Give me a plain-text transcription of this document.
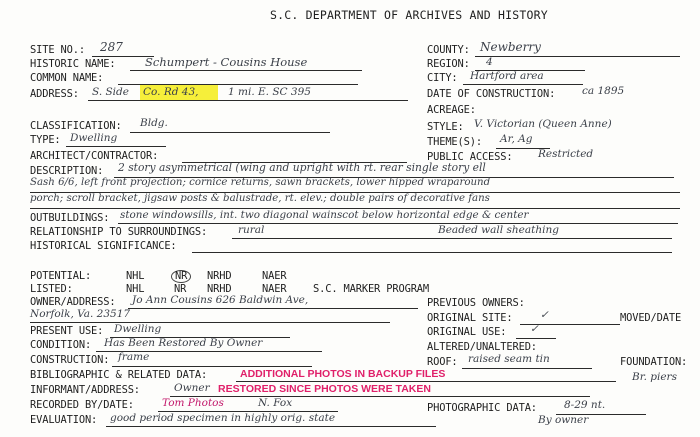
S.C. DEPARTMENT OF ARCHIVES AND HISTORY
SITE NO.: 287	COUNTY: Newberry
HISTORIC NAME:	Schumpert - Cousins House	REGION: 4
COMMON NAME:	CITY: Hartford area
ADDRESS: S. Side Co. Rd 43,	1 mi. E. SC 395	DATE OF CONSTRUCTION:	ca 1895
ACREAGE:
CLASSIFICATION: Bldg.	STYLE: V. Victorian (Queen Anne)
TYPE: Dwelling	THEME(S): Ar, Ag
ARCHITECT/CONTRACTOR:	PUBLIC ACCESS: Restricted
DESCRIPTION: 2 story asymmetrical (wing and upright with rt. rear single story ell
Sash 6/6, left front projection; cornice returns, sawn brackets, lower hipped wraparound
porch; scroll bracket, jigsaw posts & balustrade, rt. elev.; double pairs of decorative fans
OUTBUILDINGS: stone windowsills, int. two diagonal wainscot below horizontal edge & center
RELATIONSHIP TO SURROUNDINGS:	rural	Beaded wall sheathing
HISTORICAL SIGNIFICANCE:
POTENTIAL:	NHL	NR	NRHD	NAER
LISTED:	NHL	NR NRHD	NAER	S.C. MARKER PROGRAM
OWNER/ADDRESS: Jo Ann Cousins 626 Baldwin Ave,	PREVIOUS OWNERS:
Norfolk, Va. 23517	ORIGINAL SITE:	✓	MOVED/DATE
PRESENT USE: Dwelling	ORIGINAL USE: ✓
CONDITION: Has Been Restored By Owner	ALTERED/UNALTERED:
CONSTRUCTION: frame	ROOF: raised seam tin	FOUNDATION:
Br. piers
BIBLIOGRAPHIC & RELATED DATA:	ADDITIONAL PHOTOS IN BACKUP FILES
INFORMANT/ADDRESS:	Owner RESTORED SINCE PHOTOS WERE TAKEN
RECORDED BY/DATE:	Tom Photos	N. Fox	PHOTOGRAPHIC DATA:	8-29 nt.
EVALUATION: good period specimen in highly orig. state	By owner
